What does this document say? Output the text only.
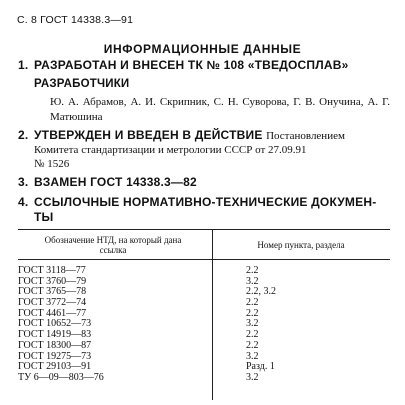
С. 8 ГОСТ 14338.3—91
ИНФОРМАЦИОННЫЕ ДАННЫЕ
1. РАЗРАБОТАН И ВНЕСЕН ТК № 108 «ТВЕДОСПЛАВ»
РАЗРАБОТЧИКИ
Ю. А. Абрамов, А. И. Скрипник, С. Н. Суворова, Г. В. Онучина, А. Г. Матюшина
2. УТВЕРЖДЕН И ВВЕДЕН В ДЕЙСТВИЕ Постановлением
Комитета стандартизации и метрологии СССР от 27.09.91
№ 1526
3. ВЗАМЕН ГОСТ 14338.3—82
4. ССЫЛОЧНЫЕ НОРМАТИВНО-ТЕХНИЧЕСКИЕ ДОКУМЕН-
ТЫ
Обозначение НТД, на который дана ссылка	Номер пункта, раздела
ГОСТ 3118—77	2.2
ГОСТ 3760—79	3.2
ГОСТ 3765—78	2.2, 3.2
ГОСТ 3772—74	2.2
ГОСТ 4461—77	2.2
ГОСТ 10652—73	3.2
ГОСТ 14919—83	2.2
ГОСТ 18300—87	2.2
ГОСТ 19275—73	3.2
ГОСТ 29103—91	Разд. 1
ТУ 6—09—803—76	3.2
